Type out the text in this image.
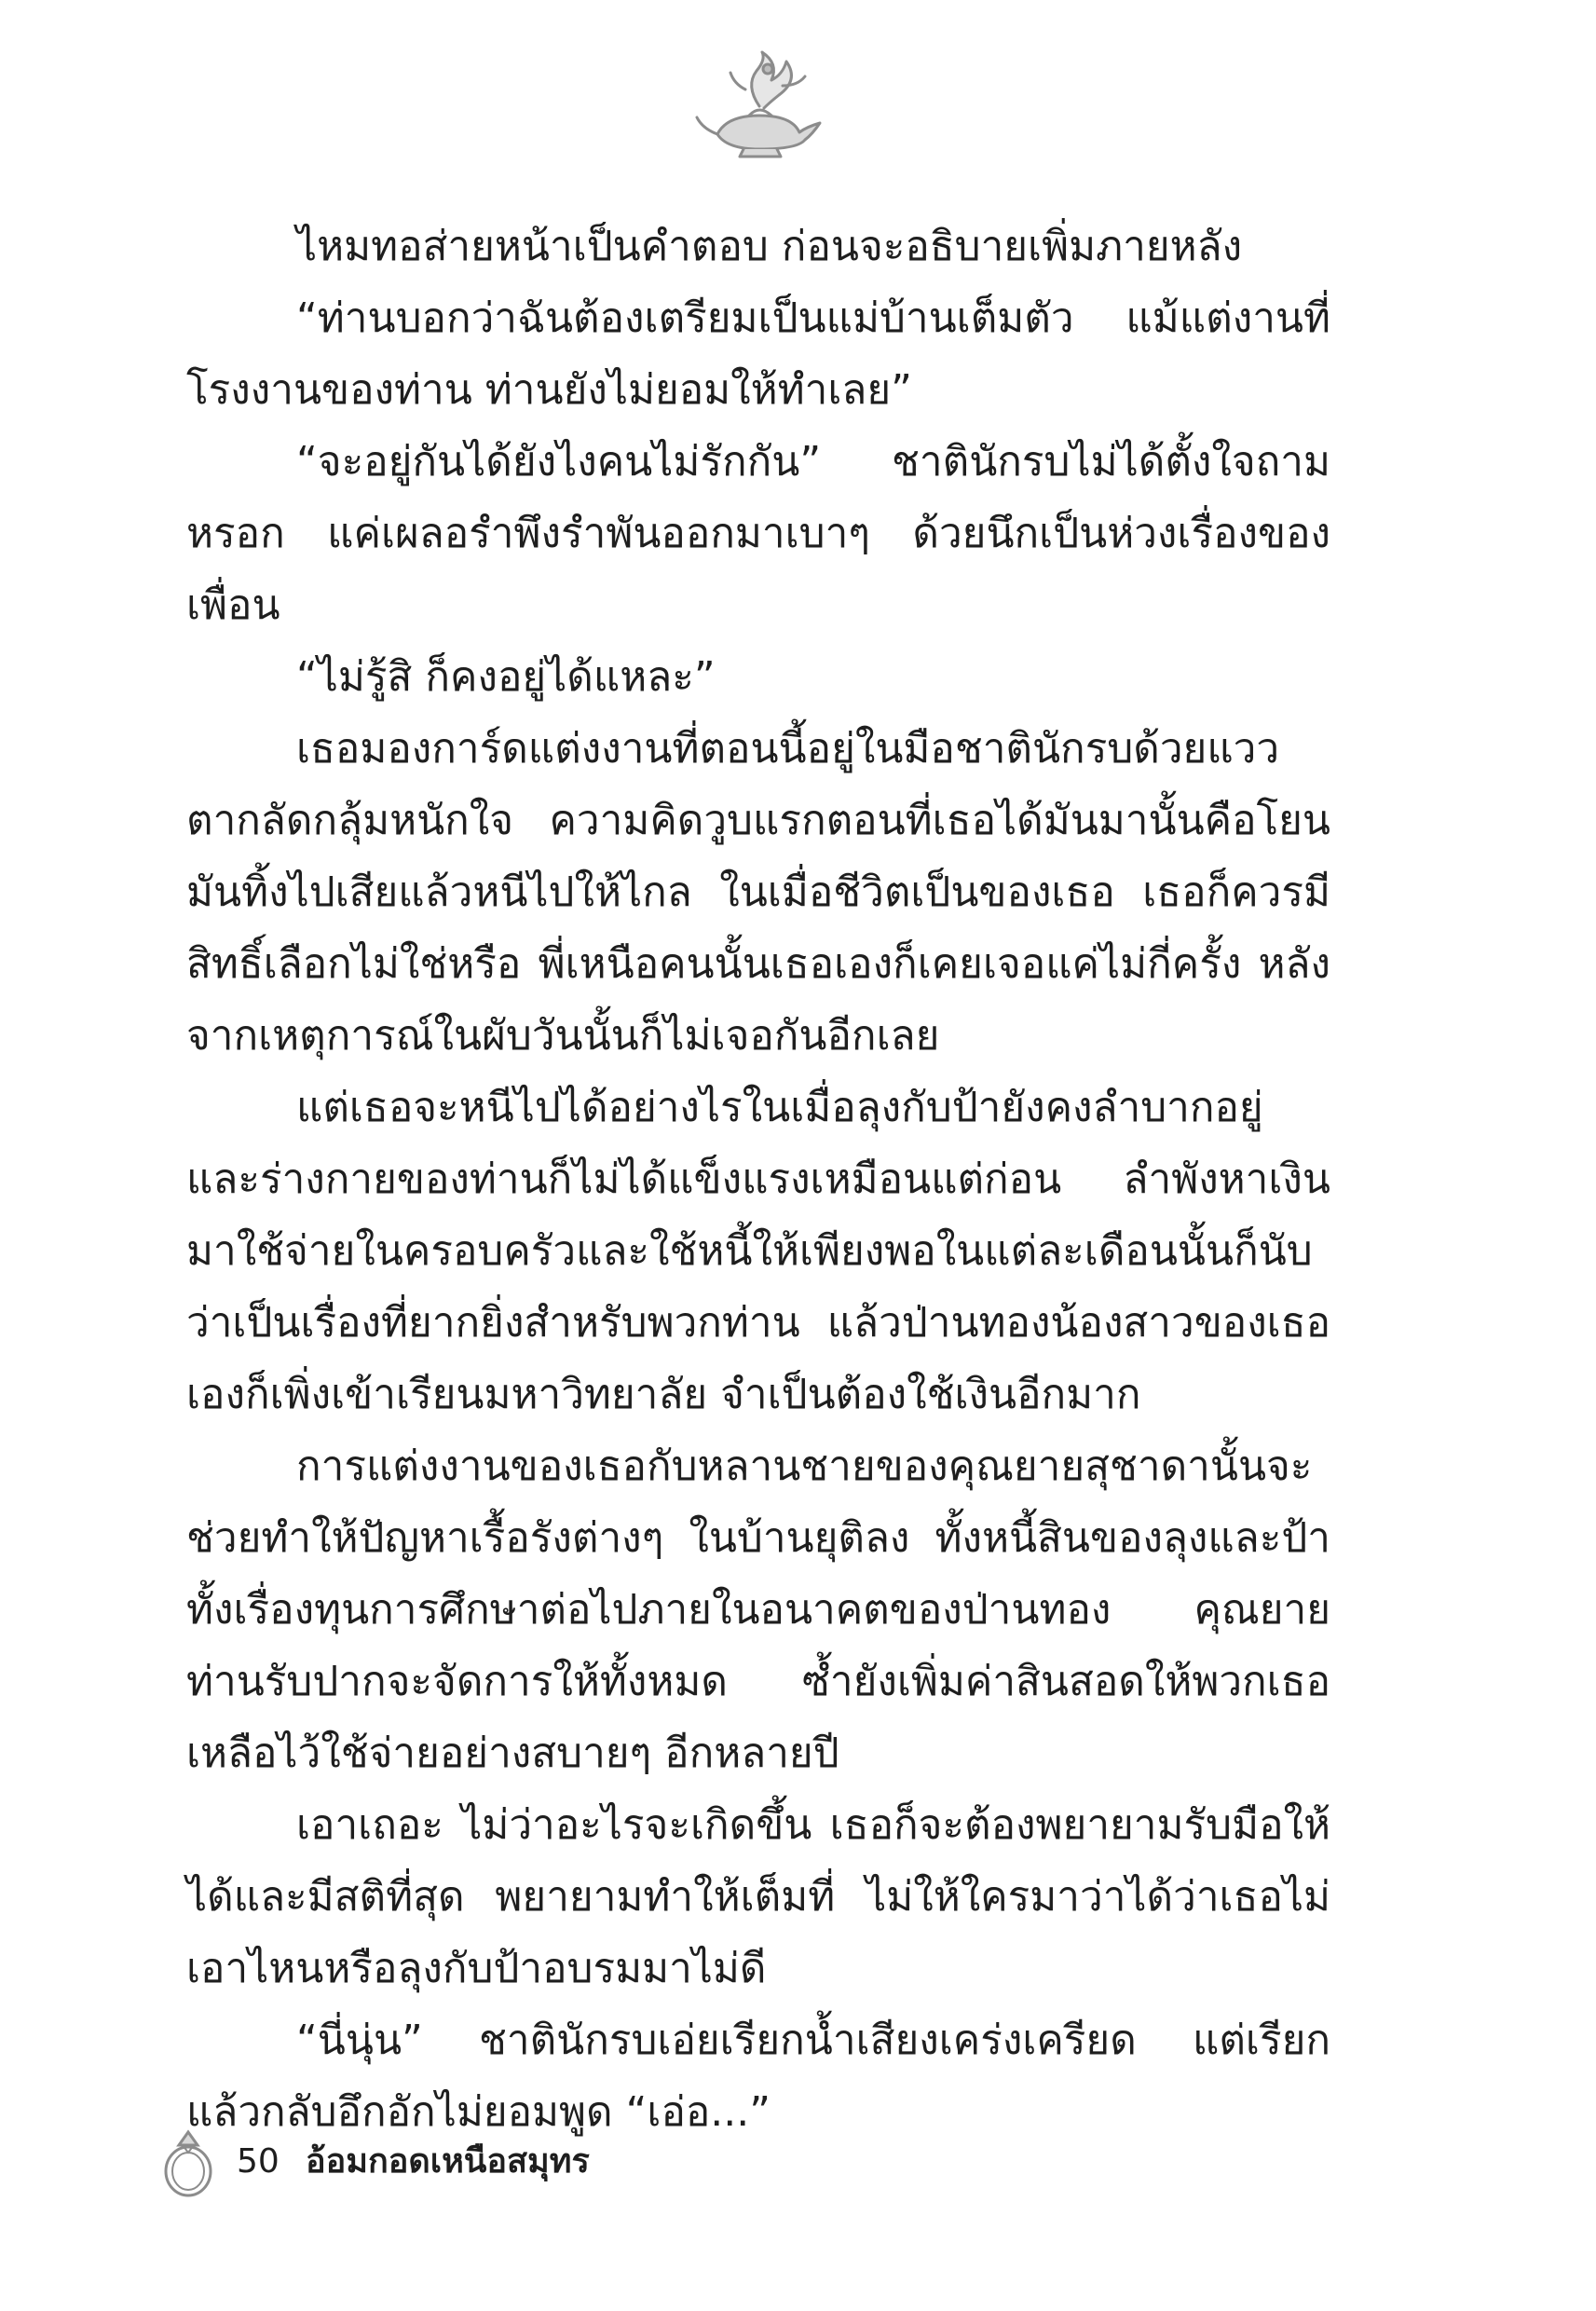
ไหมทอส่ายหน้าเป็นคำตอบ ก่อนจะอธิบายเพิ่มภายหลัง

“ท่านบอกว่าฉันต้องเตรียมเป็นแม่บ้านเต็มตัว แม้แต่งานที่โรงงานของท่าน ท่านยังไม่ยอมให้ทำเลย”

“จะอยู่กันได้ยังไงคนไม่รักกัน” ชาตินักรบไม่ได้ตั้งใจถามหรอก แค่เผลอรำพึงรำพันออกมาเบาๆ ด้วยนึกเป็นห่วงเรื่องของเพื่อน

“ไม่รู้สิ ก็คงอยู่ได้แหละ”

เธอมองการ์ดแต่งงานที่ตอนนี้อยู่ในมือชาตินักรบด้วยแววตากลัดกลุ้มหนักใจ ความคิดวูบแรกตอนที่เธอได้มันมานั้นคือโยนมันทิ้งไปเสียแล้วหนีไปให้ไกล ในเมื่อชีวิตเป็นของเธอ เธอก็ควรมีสิทธิ์เลือกไม่ใช่หรือ พี่เหนือคนนั้นเธอเองก็เคยเจอแค่ไม่กี่ครั้ง หลังจากเหตุการณ์ในผับวันนั้นก็ไม่เจอกันอีกเลย

แต่เธอจะหนีไปได้อย่างไรในเมื่อลุงกับป้ายังคงลำบากอยู่และร่างกายของท่านก็ไม่ได้แข็งแรงเหมือนแต่ก่อน ลำพังหาเงินมาใช้จ่ายในครอบครัวและใช้หนี้ให้เพียงพอในแต่ละเดือนนั้นก็นับว่าเป็นเรื่องที่ยากยิ่งสำหรับพวกท่าน แล้วป่านทองน้องสาวของเธอเองก็เพิ่งเข้าเรียนมหาวิทยาลัย จำเป็นต้องใช้เงินอีกมาก

การแต่งงานของเธอกับหลานชายของคุณยายสุชาดานั้นจะช่วยทำให้ปัญหาเรื้อรังต่างๆ ในบ้านยุติลง ทั้งหนี้สินของลุงและป้า ทั้งเรื่องทุนการศึกษาต่อไปภายในอนาคตของป่านทอง คุณยายท่านรับปากจะจัดการให้ทั้งหมด ซ้ำยังเพิ่มค่าสินสอดให้พวกเธอเหลือไว้ใช้จ่ายอย่างสบายๆ อีกหลายปี

เอาเถอะ ไม่ว่าอะไรจะเกิดขึ้น เธอก็จะต้องพยายามรับมือให้ได้และมีสติที่สุด พยายามทำให้เต็มที่ ไม่ให้ใครมาว่าได้ว่าเธอไม่เอาไหนหรือลุงกับป้าอบรมมาไม่ดี

“นี่นุ่น” ชาตินักรบเอ่ยเรียกน้ำเสียงเคร่งเครียด แต่เรียกแล้วกลับอึกอักไม่ยอมพูด “เอ่อ...”

50 อ้อมกอดเหนือสมุทร
